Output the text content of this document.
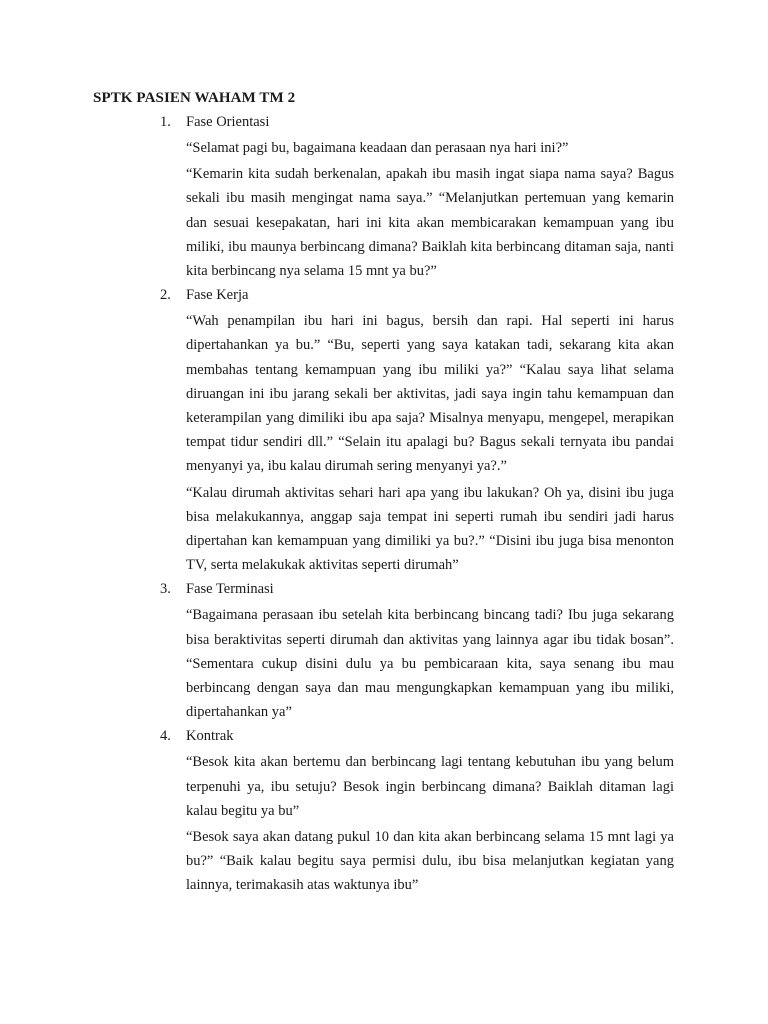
SPTK PASIEN WAHAM TM 2
1. Fase Orientasi

“Selamat pagi bu, bagaimana keadaan dan perasaan nya hari ini?”

“Kemarin kita sudah berkenalan, apakah ibu masih ingat siapa nama saya? Bagus sekali ibu masih mengingat nama saya.” “Melanjutkan pertemuan yang kemarin dan sesuai kesepakatan, hari ini kita akan membicarakan kemampuan yang ibu miliki, ibu maunya berbincang dimana? Baiklah kita berbincang ditaman saja, nanti kita berbincang nya selama 15 mnt ya bu?”

2. Fase Kerja

“Wah penampilan ibu hari ini bagus, bersih dan rapi. Hal seperti ini harus dipertahankan ya bu.” “Bu, seperti yang saya katakan tadi, sekarang kita akan membahas tentang kemampuan yang ibu miliki ya?” “Kalau saya lihat selama diruangan ini ibu jarang sekali ber aktivitas, jadi saya ingin tahu kemampuan dan keterampilan yang dimiliki ibu apa saja? Misalnya menyapu, mengepel, merapikan tempat tidur sendiri dll.” “Selain itu apalagi bu? Bagus sekali ternyata ibu pandai menyanyi ya, ibu kalau dirumah sering menyanyi ya?.”

“Kalau dirumah aktivitas sehari hari apa yang ibu lakukan? Oh ya, disini ibu juga bisa melakukannya, anggap saja tempat ini seperti rumah ibu sendiri jadi harus dipertahan kan kemampuan yang dimiliki ya bu?.” “Disini ibu juga bisa menonton TV, serta melakukak aktivitas seperti dirumah”

3. Fase Terminasi

“Bagaimana perasaan ibu setelah kita berbincang bincang tadi? Ibu juga sekarang bisa beraktivitas seperti dirumah dan aktivitas yang lainnya agar ibu tidak bosan”. “Sementara cukup disini dulu ya bu pembicaraan kita, saya senang ibu mau berbincang dengan saya dan mau mengungkapkan kemampuan yang ibu miliki, dipertahankan ya”

4. Kontrak

“Besok kita akan bertemu dan berbincang lagi tentang kebutuhan ibu yang belum terpenuhi ya, ibu setuju? Besok ingin berbincang dimana? Baiklah ditaman lagi kalau begitu ya bu”

“Besok saya akan datang pukul 10 dan kita akan berbincang selama 15 mnt lagi ya bu?” “Baik kalau begitu saya permisi dulu, ibu bisa melanjutkan kegiatan yang lainnya, terimakasih atas waktunya ibu”
